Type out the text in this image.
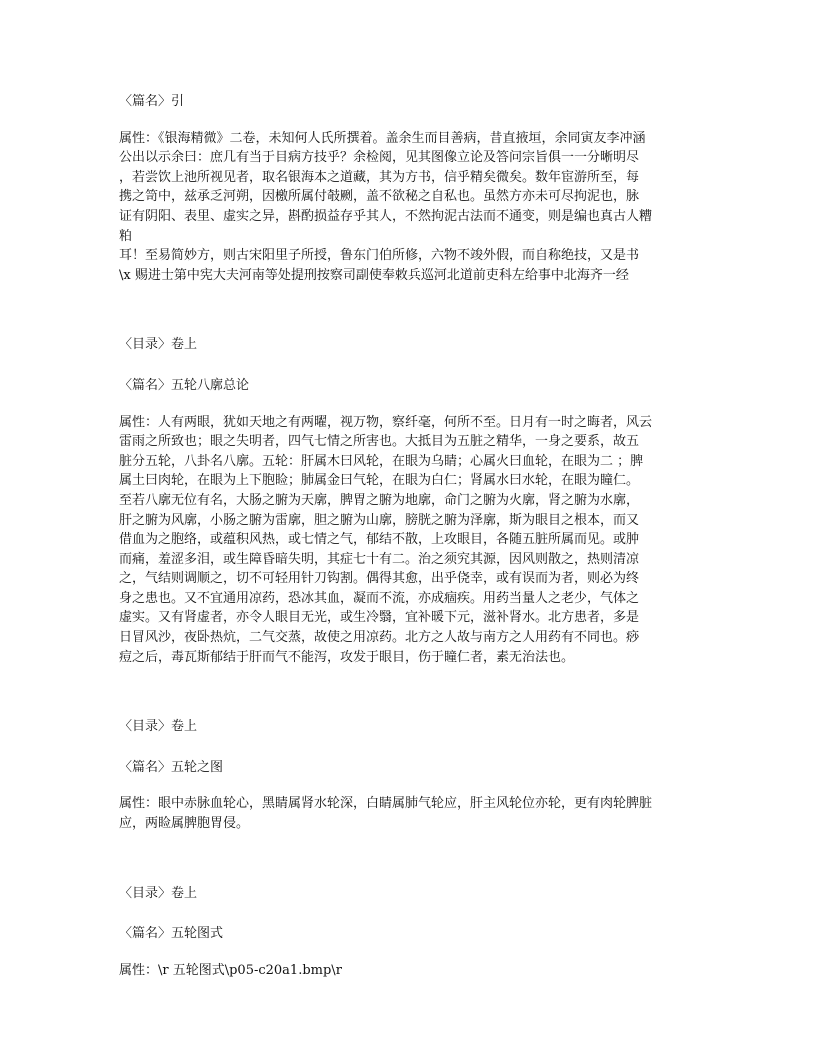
〈篇名〉引
属性：《银海精微》二卷，未知何人氏所撰着。盖余生而目善病，昔直掖垣，余同寅友李冲涵
公出以示余曰：庶几有当于目病方技乎？余检阅，见其图像立论及答问宗旨俱一一分晰明尽
，若尝饮上池所视见者，取名银海本之道藏，其为方书，信乎精矣微矣。数年宦游所至，每
携之笥中，兹承乏河朔，因檄所属付攲劂，盖不欲秘之自私也。虽然方亦未可尽拘泥也，脉
证有阴阳、表里、虚实之异，斟酌损益存乎其人，不然拘泥古法而不通变，则是编也真古人糟
粕
耳！至易简妙方，则古宋阳里子所授，鲁东门伯所修，六物不竣外假，而自称绝技，又是书
\x 赐进士第中宪大夫河南等处提刑按察司副使奉敕兵巡河北道前吏科左给事中北海齐一经
〈目录〉卷上
〈篇名〉五轮八廓总论
属性：人有两眼，犹如天地之有两曜，视万物，察纤毫，何所不至。日月有一时之晦者，风云
雷雨之所致也；眼之失明者，四气七情之所害也。大抵目为五脏之精华，一身之要系，故五
脏分五轮，八卦名八廓。五轮：肝属木曰风轮，在眼为乌睛；心属火曰血轮，在眼为二 ；脾
属土曰肉轮，在眼为上下胞睑；肺属金曰气轮，在眼为白仁；肾属水曰水轮，在眼为瞳仁。
至若八廓无位有名，大肠之腑为天廓，脾胃之腑为地廓，命门之腑为火廓，肾之腑为水廓，
肝之腑为风廓，小肠之腑为雷廓，胆之腑为山廓，膀胱之腑为泽廓，斯为眼目之根本，而又
借血为之胞络，或蕴积风热，或七情之气，郁结不散，上攻眼目，各随五脏所属而见。或肿
而痛，羞涩多泪，或生障昏暗失明，其症七十有二。治之须究其源，因风则散之，热则清凉
之，气结则调顺之，切不可轻用针刀钩割。偶得其愈，出乎侥幸，或有误而为者，则必为终
身之患也。又不宜通用凉药，恐冰其血，凝而不流，亦成痼疾。用药当量人之老少，气体之
虚实。又有肾虚者，亦令人眼目无光，或生冷翳，宜补暖下元，滋补肾水。北方患者，多是
日冒风沙，夜卧热炕，二气交蒸，故使之用凉药。北方之人故与南方之人用药有不同也。痧
痘之后，毒瓦斯郁结于肝而气不能泻，攻发于眼目，伤于瞳仁者，素无治法也。
〈目录〉卷上
〈篇名〉五轮之图
属性：眼中赤脉血轮心，黑睛属肾水轮深，白睛属肺气轮应，肝主风轮位亦轮，更有肉轮脾脏
应，两睑属脾胞胃侵。
〈目录〉卷上
〈篇名〉五轮图式
属性：\r 五轮图式\p05-c20a1.bmp\r
